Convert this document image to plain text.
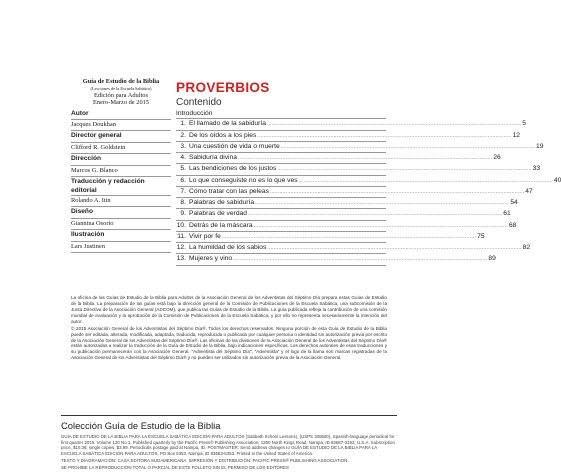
Guía de Estudio de la Biblia
(Lecciones de la Escuela Sabática)
Edición para Adultos
Enero-Marzo de 2015
Autor
Jacques Doukhan
Director general
Clifford R. Goldstein
Dirección
Marcos G. Blanco
Traducción y redacción editorial
Rolando A. Itin
Diseño
Giannina Osorio
Ilustración
Lars Justinen
PROVERBIOS
Contenido
Introducción
1. El llamado de la sabiduría ................................................................................................................................................................ 5
2. De los oídos a los pies ................................................................................................................................................................ 12
3. Una cuestión de vida o muerte ................................................................................................................................................................ 19
4. Sabiduría divina ................................................................................................................................................................ 26
5. Las bendiciones de los justos ................................................................................................................................................................ 33
6. Lo que conseguiste no es lo que ves ................................................................................................................................................................ 40
7. Cómo tratar con las peleas ................................................................................................................................................................ 47
8. Palabras de sabiduría ................................................................................................................................................................ 54
9. Palabras de verdad ................................................................................................................................................................ 61
10. Detrás de la máscara ................................................................................................................................................................ 68
11. Vivir por fe ................................................................................................................................................................ 75
12. La humildad de los sabios ................................................................................................................................................................ 82
13. Mujeres y vino ................................................................................................................................................................ 89

La oficina de las Guías de Estudio de la Biblia para Adultos de la Asociación General de los Adventistas del Séptimo Día prepara estas Guías de Estudio de la Biblia. La preparación de las guías está bajo la dirección general de la Comisión de Publicaciones de la Escuela Sabática, una subcomisión de la Junta Directiva de la Asociación General (ADCOM), que publica las Guías de Estudio de la Biblia. La guía publicada refleja la contribución de una comisión mundial de evaluación y la aprobación de la Comisión de Publicaciones de la Escuela Sabática, y por ello no representa necesariamente la intención del autor.

© 2015 Asociación General de los Adventistas del Séptimo Día®. Todos los derechos reservados. Ninguna porción de esta Guía de Estudio de la Biblia puede ser editada, alterada, modificada, adaptada, traducida, reproducida o publicada por cualquier persona o identidad sin autorización previa por escrito de la Asociación General de los Adventistas del Séptimo Día®. Las oficinas de las divisiones de la Asociación General de los Adventistas del Séptimo Día® están autorizadas a realizar la traducción de la Guía de Estudio de la Biblia, bajo indicaciones específicas. Los derechos autorales de esas traducciones y su publicación permanecerán con la Asociación General. "Adventista del Séptimo Día", "Adventista" y el logo de la llama son marcas registradas de la Asociación General de los Adventistas del Séptimo Día® y no pueden ser utilizados sin autorización previa de la Asociación General.

Colección Guía de Estudio de la Biblia

GUÍA DE ESTUDIO DE LA BIBLIA PARA LA ESCUELA SABÁTICA EDICIÓN PARA ADULTOS (Sabbath School Lessons), (USPS 308680), Spanish-language periodical for first quarter 2015. Volume 120 No 1. Published quarterly by the Pacific Press® Publishing Association, 1350 North Kings Road, Nampa, ID 83687-3193, U.S.A. Subscription price, $10.36; single copies, $3.99. Periodicals postage paid at Nampa, ID. POSTMASTER: Send address changes to GUÍA DE ESTUDIO DE LA BIBLIA PARA LA ESCUELA SABÁTICA EDICIÓN PARA ADULTOS, PO Box 5353, Nampa, ID 83653-5353. Printed in the United States of America.

TEXTO Y DIAGRAMACIÓN: CASA EDITORA SUDAMERICANA. IMPRESIÓN Y DISTRIBUCIÓN: PACIFIC PRESS® PUBLISHING ASSOCIATION.

SE PROHÍBE LA REPRODUCCIÓN TOTAL O PARCIAL DE ESTE FOLLETO SIN EL PERMISO DE LOS EDITORES
